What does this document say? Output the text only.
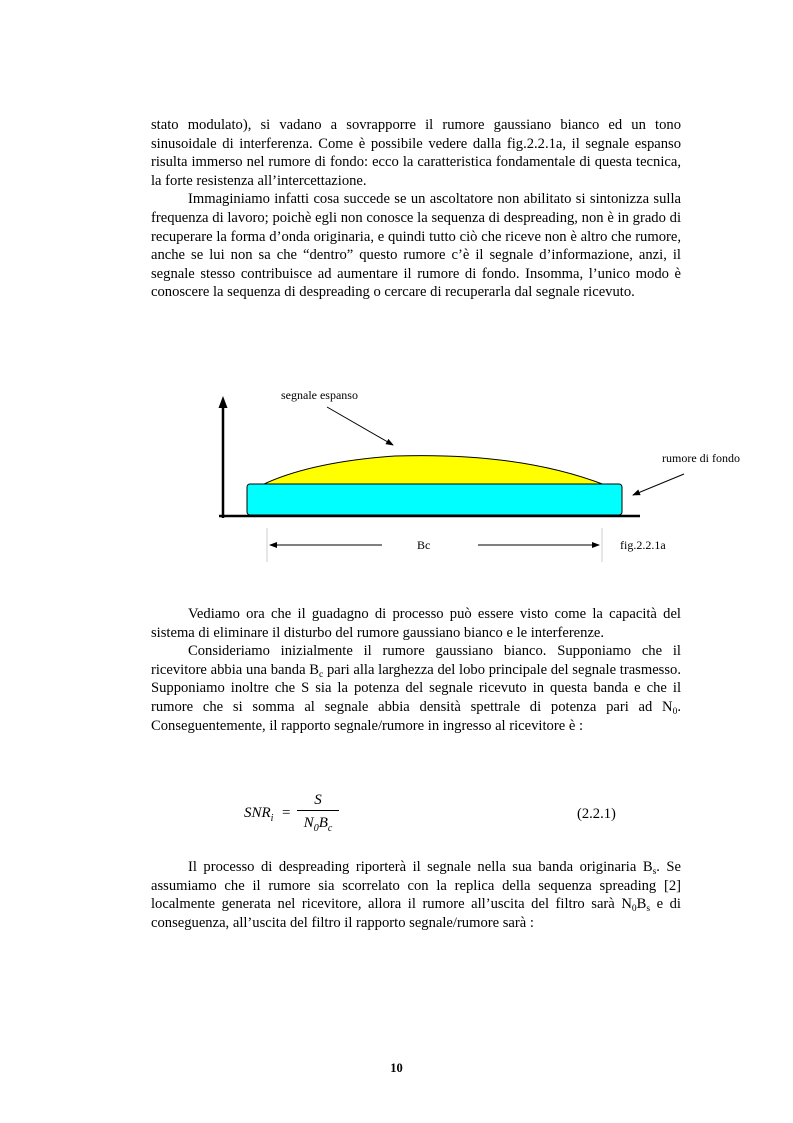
stato modulato), si vadano a sovrapporre il rumore gaussiano bianco ed un tono sinusoidale di interferenza. Come è possibile vedere dalla fig.2.2.1a, il segnale espanso risulta immerso nel rumore di fondo: ecco la caratteristica fondamentale di questa tecnica, la forte resistenza all’intercettazione.

Immaginiamo infatti cosa succede se un ascoltatore non abilitato si sintonizza sulla frequenza di lavoro; poichè egli non conosce la sequenza di despreading, non è in grado di recuperare la forma d’onda originaria, e quindi tutto ciò che riceve non è altro che rumore, anche se lui non sa che “dentro” questo rumore c’è il segnale d’informazione, anzi, il segnale stesso contribuisce ad aumentare il rumore di fondo. Insomma, l’unico modo è conoscere la sequenza di despreading o cercare di recuperarla dal segnale ricevuto.

segnale espanso
rumore di fondo
Bc	fig.2.2.1a

Vediamo ora che il guadagno di processo può essere visto come la capacità del sistema di eliminare il disturbo del rumore gaussiano bianco e le interferenze.

Consideriamo inizialmente il rumore gaussiano bianco. Supponiamo che il ricevitore abbia una banda $B_c$ pari alla larghezza del lobo principale del segnale trasmesso. Supponiamo inoltre che S sia la potenza del segnale ricevuto in questa banda e che il rumore che si somma al segnale abbia densità spettrale di potenza pari ad $N_0$. Conseguentemente, il rapporto segnale/rumore in ingresso al ricevitore è :

$SNR_i = \frac{S}{N_0B_c}$	(2.2.1)

Il processo di despreading riporterà il segnale nella sua banda originaria $B_s$. Se assumiamo che il rumore sia scorrelato con la replica della sequenza spreading [2] localmente generata nel ricevitore, allora il rumore all’uscita del filtro sarà $N_0B_s$ e di conseguenza, all’uscita del filtro il rapporto segnale/rumore sarà :

10
